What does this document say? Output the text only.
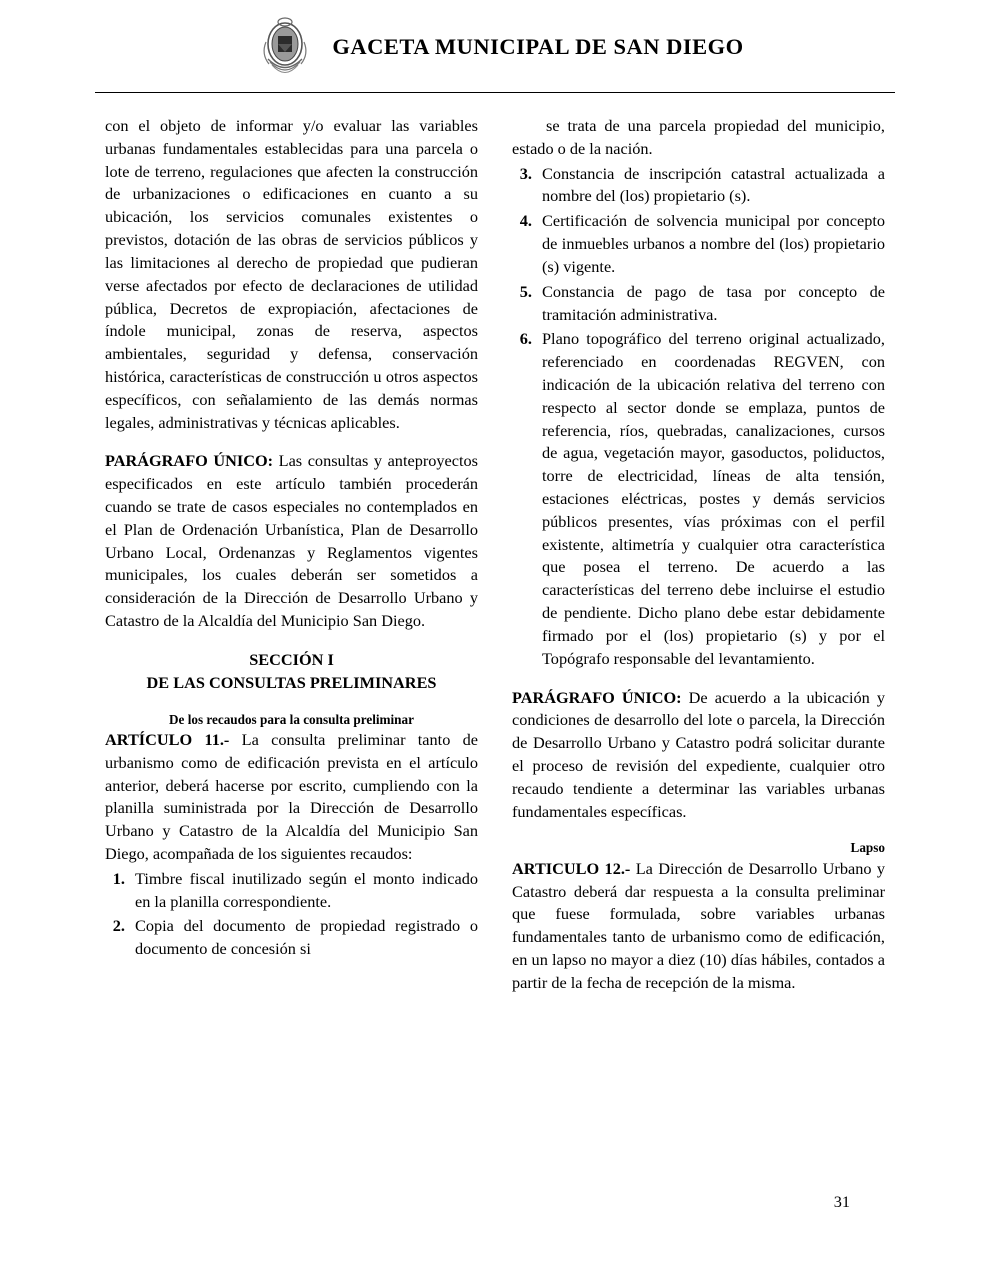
GACETA MUNICIPAL DE SAN DIEGO

con el objeto de informar y/o evaluar las variables urbanas fundamentales establecidas para una parcela o lote de terreno, regulaciones que afecten la construcción de urbanizaciones o edificaciones en cuanto a su ubicación, los servicios comunales existentes o previstos, dotación de las obras de servicios públicos y las limitaciones al derecho de propiedad que pudieran verse afectados por efecto de declaraciones de utilidad pública, Decretos de expropiación, afectaciones de índole municipal, zonas de reserva, aspectos ambientales, seguridad y defensa, conservación histórica, características de construcción u otros aspectos específicos, con señalamiento de las demás normas legales, administrativas y técnicas aplicables.

PARÁGRAFO ÚNICO: Las consultas y anteproyectos especificados en este artículo también procederán cuando se trate de casos especiales no contemplados en el Plan de Ordenación Urbanística, Plan de Desarrollo Urbano Local, Ordenanzas y Reglamentos vigentes municipales, los cuales deberán ser sometidos a consideración de la Dirección de Desarrollo Urbano y Catastro de la Alcaldía del Municipio San Diego.

SECCIÓN I

DE LAS CONSULTAS PRELIMINARES

De los recaudos para la consulta preliminar

ARTÍCULO 11.- La consulta preliminar tanto de urbanismo como de edificación prevista en el artículo anterior, deberá hacerse por escrito, cumpliendo con la planilla suministrada por la Dirección de Desarrollo Urbano y Catastro de la Alcaldía del Municipio San Diego, acompañada de los siguientes recaudos:

1. Timbre fiscal inutilizado según el monto indicado en la planilla correspondiente.
2. Copia del documento de propiedad registrado o documento de concesión si

se trata de una parcela propiedad del municipio, estado o de la nación.

3. Constancia de inscripción catastral actualizada a nombre del (los) propietario (s).
4. Certificación de solvencia municipal por concepto de inmuebles urbanos a nombre del (los) propietario (s) vigente.
5. Constancia de pago de tasa por concepto de tramitación administrativa.
6. Plano topográfico del terreno original actualizado, referenciado en coordenadas REGVEN, con indicación de la ubicación relativa del terreno con respecto al sector donde se emplaza, puntos de referencia, ríos, quebradas, canalizaciones, cursos de agua, vegetación mayor, gasoductos, poliductos, torre de electricidad, líneas de alta tensión, estaciones eléctricas, postes y demás servicios públicos presentes, vías próximas con el perfil existente, altimetría y cualquier otra característica que posea el terreno. De acuerdo a las características del terreno debe incluirse el estudio de pendiente. Dicho plano debe estar debidamente firmado por el (los) propietario (s) y por el Topógrafo responsable del levantamiento.

PARÁGRAFO ÚNICO: De acuerdo a la ubicación y condiciones de desarrollo del lote o parcela, la Dirección de Desarrollo Urbano y Catastro podrá solicitar durante el proceso de revisión del expediente, cualquier otro recaudo tendiente a determinar las variables urbanas fundamentales específicas.

Lapso

ARTICULO 12.- La Dirección de Desarrollo Urbano y Catastro deberá dar respuesta a la consulta preliminar que fuese formulada, sobre variables urbanas fundamentales tanto de urbanismo como de edificación, en un lapso no mayor a diez (10) días hábiles, contados a partir de la fecha de recepción de la misma.

31
